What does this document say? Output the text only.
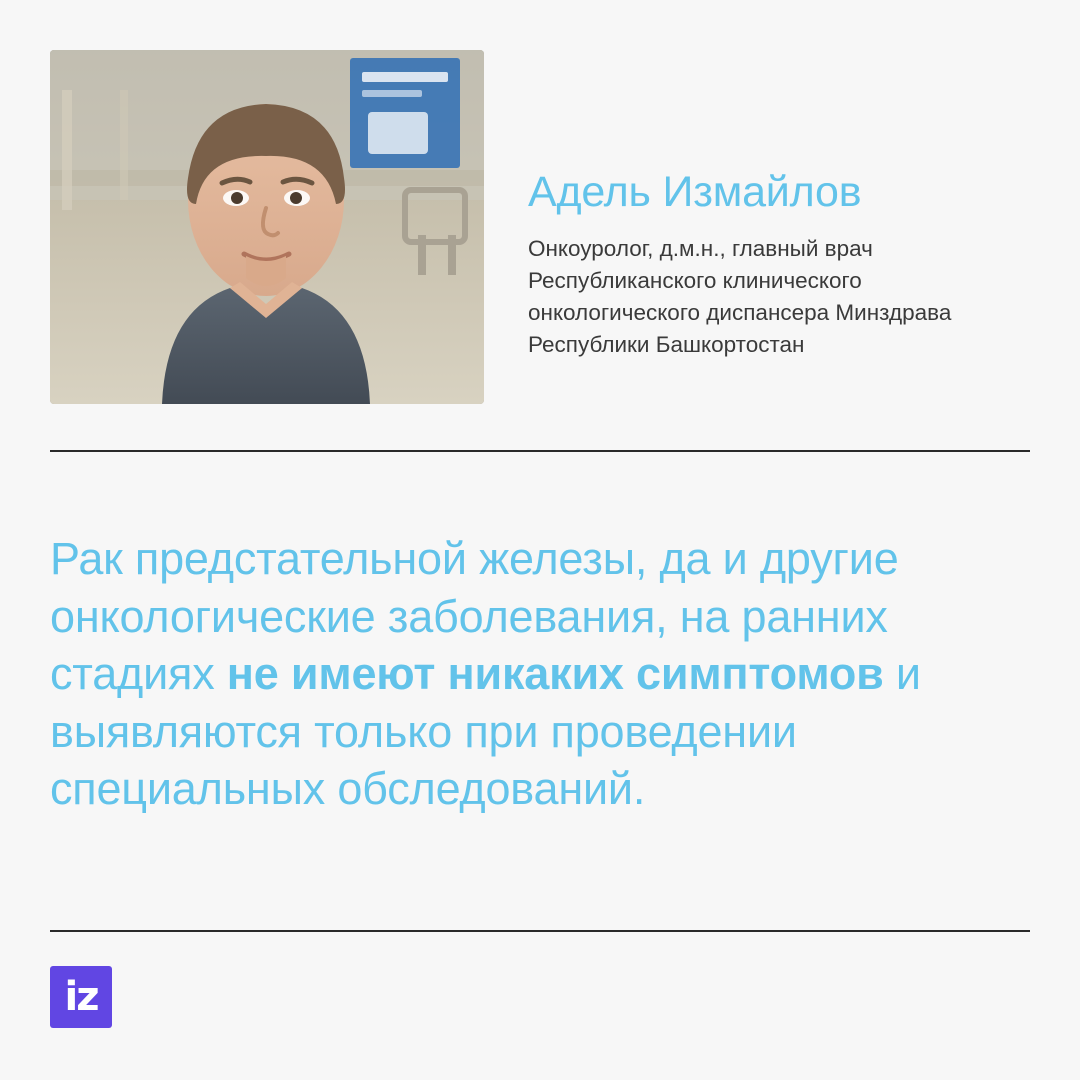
Адель Измайлов

Онкоуролог, д.м.н., главный врач Республиканского клинического онкологического диспансера Минздрава Республики Башкортостан

Рак предстательной железы, да и другие онкологические заболевания, на ранних стадиях не имеют никаких симптомов и выявляются только при проведении специальных обследований.

iz
